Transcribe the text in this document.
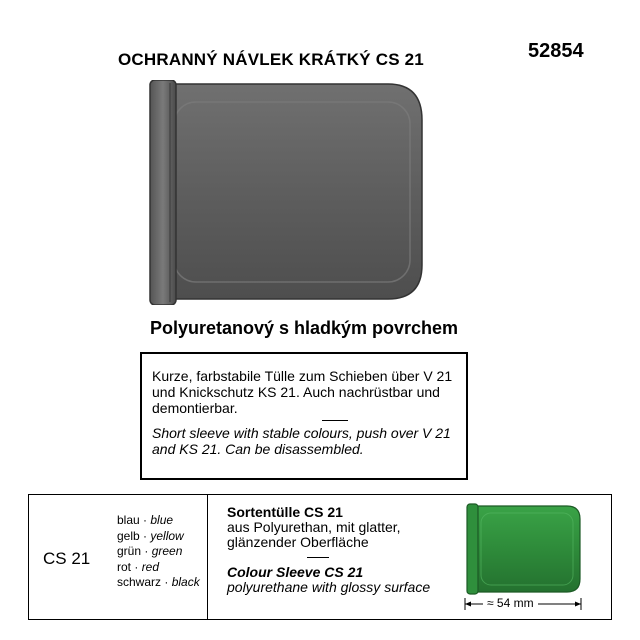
OCHRANNÝ NÁVLEK KRÁTKÝ CS 21	52854
Polyuretanový s hladkým povrchem

Kurze, farbstabile Tülle zum Schieben über V 21 und Knickschutz KS 21. Auch nachrüstbar und demontierbar.

Short sleeve with stable colours, push over V 21 and KS 21. Can be disassembled.

CS 21
blau · blue
gelb · yellow
grün · green
rot · red
schwarz · black
Sortentülle CS 21
aus Polyurethan, mit glatter, glänzender Oberfläche
Colour Sleeve CS 21
polyurethane with glossy surface
≈ 54 mm
